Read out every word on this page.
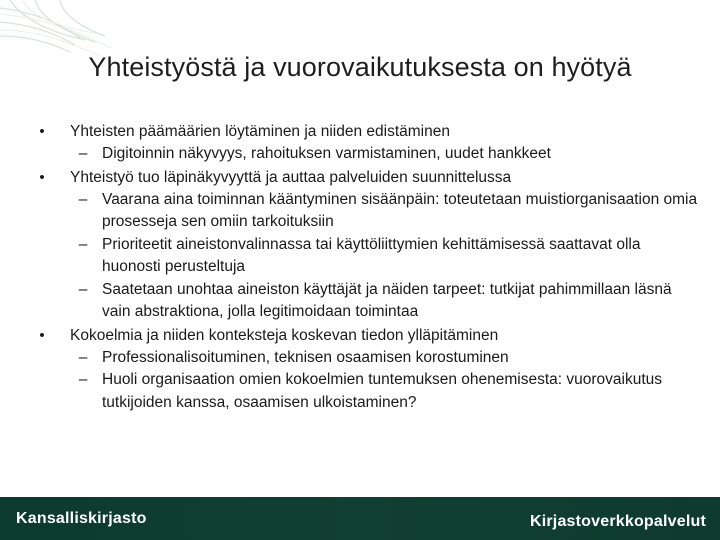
Yhteistyöstä ja vuorovaikutuksesta on hyötyä
•	Yhteisten päämäärien löytäminen ja niiden edistäminen
– Digitoinnin näkyvyys, rahoituksen varmistaminen, uudet hankkeet
•	Yhteistyö tuo läpinäkyvyyttä ja auttaa palveluiden suunnittelussa
– Vaarana aina toiminnan kääntyminen sisäänpäin: toteutetaan muistiorganisaation omia prosesseja sen omiin tarkoituksiin
– Prioriteetit aineistonvalinnassa tai käyttöliittymien kehittämisessä saattavat olla huonosti perusteltuja
– Saatetaan unohtaa aineiston käyttäjät ja näiden tarpeet: tutkijat pahimmillaan läsnä vain abstraktiona, jolla legitimoidaan toimintaa
•	Kokoelmia ja niiden konteksteja koskevan tiedon ylläpitäminen
– Professionalisoituminen, teknisen osaamisen korostuminen
– Huoli organisaation omien kokoelmien tuntemuksen ohenemisesta: vuorovaikutus tutkijoiden kanssa, osaamisen ulkoistaminen?
Kansalliskirjasto	Kirjastoverkkopalvelut
